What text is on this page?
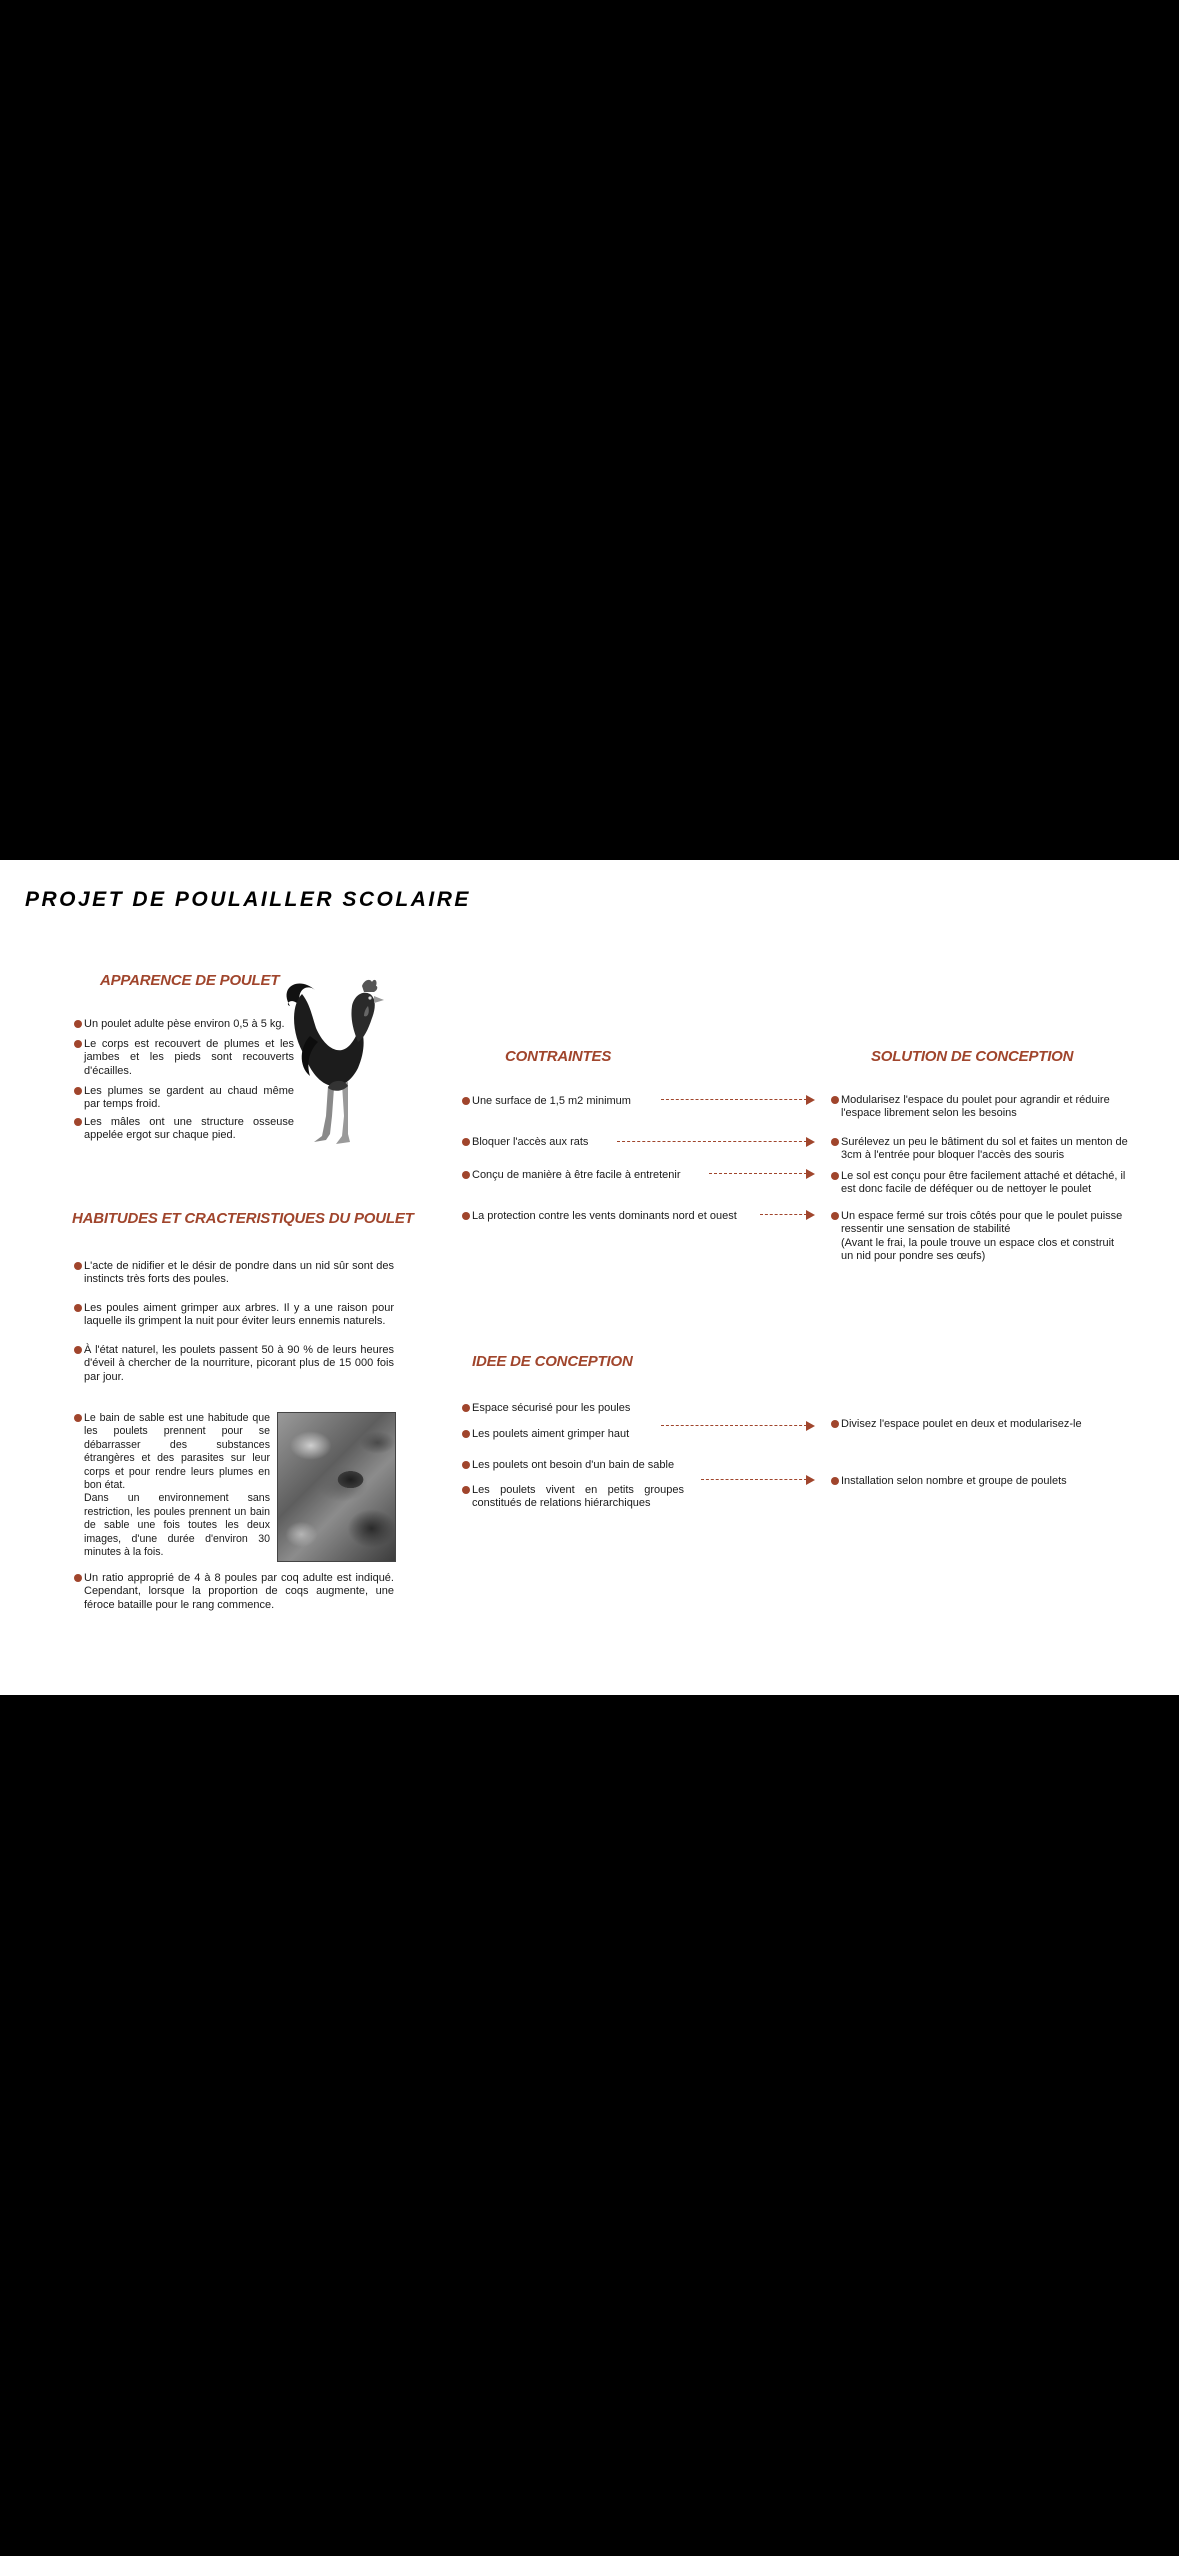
PROJET DE POULAILLER SCOLAIRE
APPARENCE DE POULET
Un poulet adulte pèse environ 0,5 à 5 kg.
Le corps est recouvert de plumes et les jambes et les pieds sont recouverts d'écailles.
Les plumes se gardent au chaud même par temps froid.
Les mâles ont une structure osseuse appelée ergot sur chaque pied.
HABITUDES ET CRACTERISTIQUES DU POULET
L'acte de nidifier et le désir de pondre dans un nid sûr sont des instincts très forts des poules.
Les poules aiment grimper aux arbres. Il y a une raison pour laquelle ils grimpent la nuit pour éviter leurs ennemis naturels.
À l'état naturel, les poulets passent 50 à 90 % de leurs heures d'éveil à chercher de la nourriture, picorant plus de 15 000 fois par jour.
Le bain de sable est une habitude que les poulets prennent pour se débarrasser des substances étrangères et des parasites sur leur corps et pour rendre leurs plumes en bon état.
Dans un environnement sans restriction, les poules prennent un bain de sable une fois toutes les deux images, d'une durée d'environ 30 minutes à la fois.
Un ratio approprié de 4 à 8 poules par coq adulte est indiqué. Cependant, lorsque la proportion de coqs augmente, une féroce bataille pour le rang commence.
CONTRAINTES
Une surface de 1,5 m2 minimum
Bloquer l'accès aux rats
Conçu de manière à être facile à entretenir
La protection contre les vents dominants nord et ouest
SOLUTION DE CONCEPTION
Modularisez l'espace du poulet pour agrandir et réduire l'espace librement selon les besoins
Surélevez un peu le bâtiment du sol et faites un menton de 3cm à l'entrée pour bloquer l'accès des souris
Le sol est conçu pour être facilement attaché et détaché, il est donc facile de déféquer ou de nettoyer le poulet
Un espace fermé sur trois côtés pour que le poulet puisse ressentir une sensation de stabilité
(Avant le frai, la poule trouve un espace clos et construit un nid pour pondre ses œufs)
IDEE DE CONCEPTION
Espace sécurisé pour les poules
Les poulets aiment grimper haut
Les poulets ont besoin d'un bain de sable
Les poulets vivent en petits groupes constitués de relations hiérarchiques
Divisez l'espace poulet en deux et modularisez-le
Installation selon nombre et groupe de poulets
